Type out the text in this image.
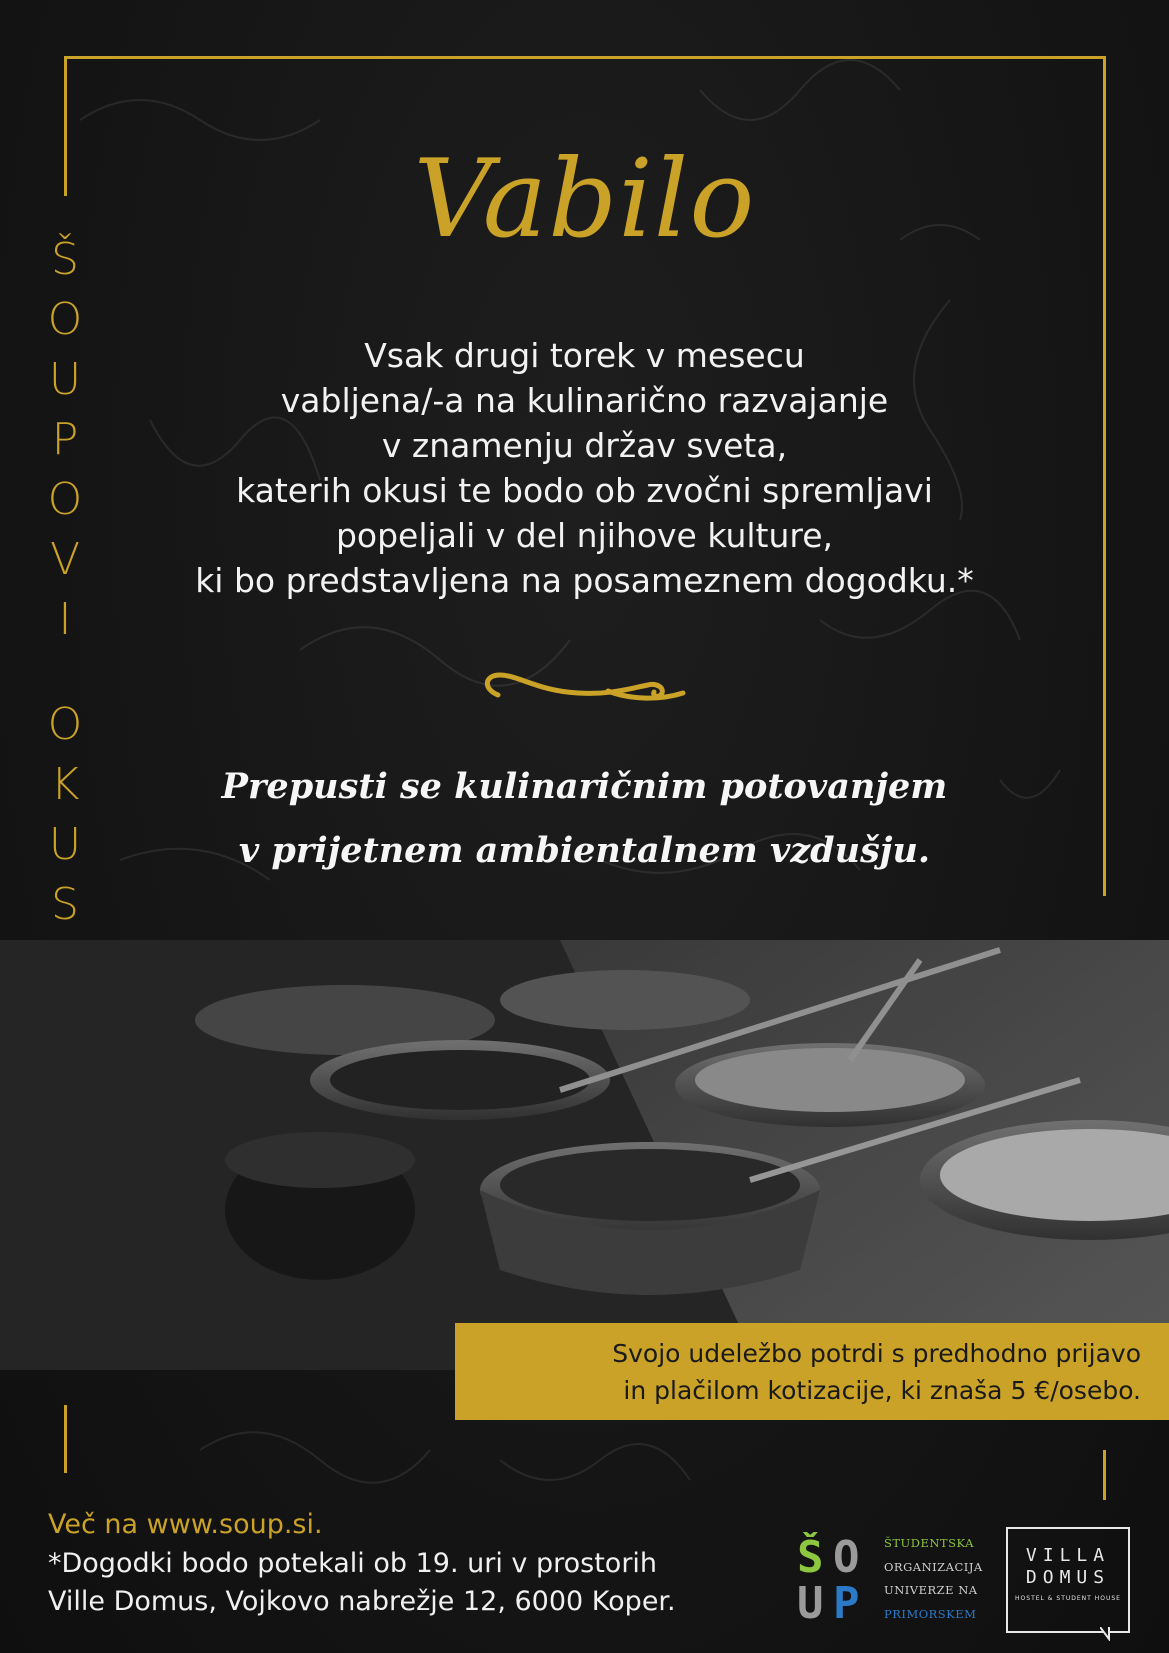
Š
O
U
P
O
V
I
O
K
U
S
Vabilo
Vsak drugi torek v mesecu
vabljena/-a na kulinarično razvajanje
v znamenju držav sveta,
katerih okusi te bodo ob zvočni spremljavi
popeljali v del njihove kulture,
ki bo predstavljena na posameznem dogodku.*
Prepusti se kulinaričnim potovanjem
v prijetnem ambientalnem vzdušju.
Svojo udeležbo potrdi s predhodno prijavo
in plačilom kotizacije, ki znaša 5 €/osebo.
Več na www.soup.si.
*Dogodki bodo potekali ob 19. uri v prostorih
Ville Domus, Vojkovo nabrežje 12, 6000 Koper.
Š O
U P
ŠTUDENTSKA
ORGANIZACIJA
UNIVERZE NA
PRIMORSKEM
VILLA
DOMUS
HOSTEL & STUDENT HOUSE
